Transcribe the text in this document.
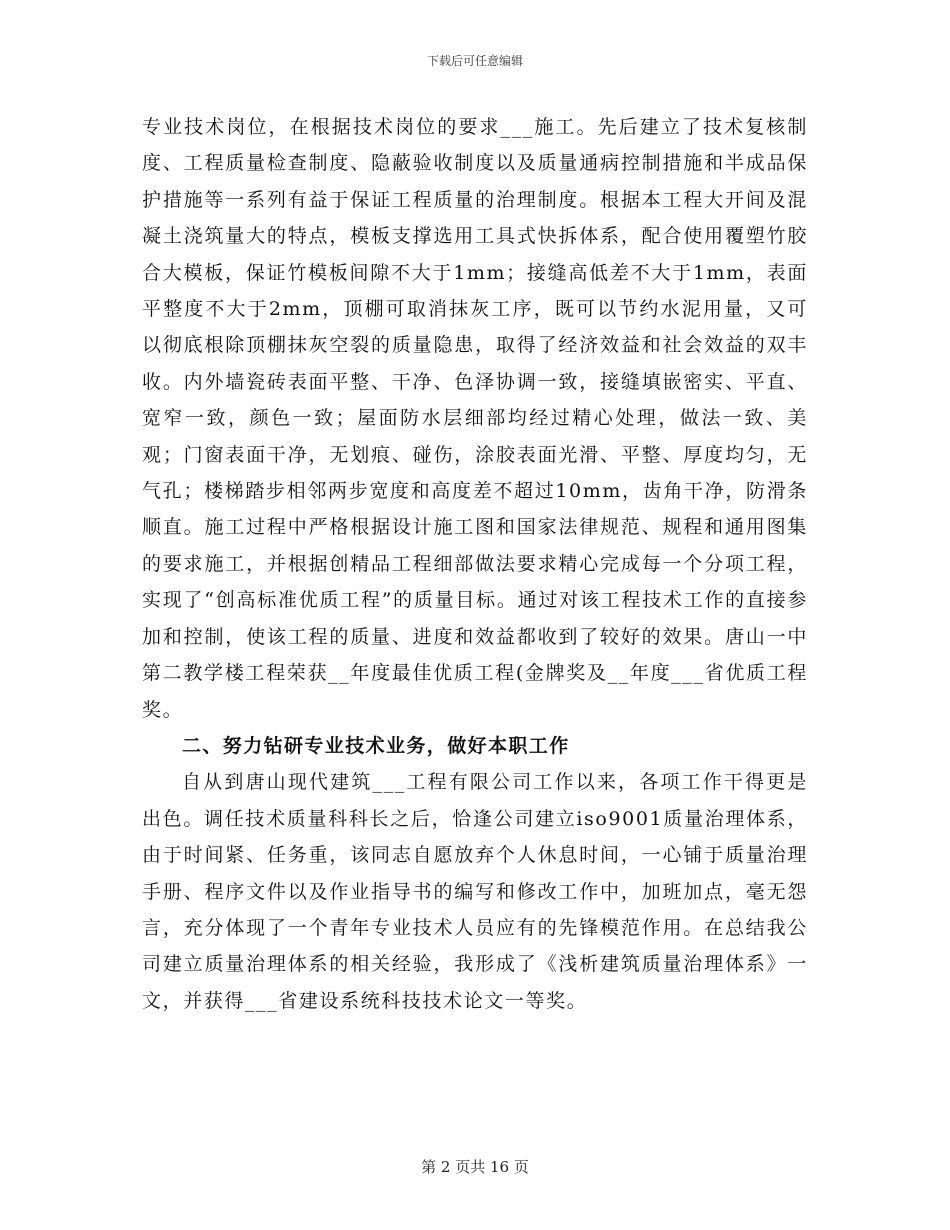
下载后可任意编辑

专业技术岗位，在根据技术岗位的要求___施工。先后建立了技术复核制度、工程质量检查制度、隐蔽验收制度以及质量通病控制措施和半成品保护措施等一系列有益于保证工程质量的治理制度。根据本工程大开间及混凝土浇筑量大的特点，模板支撑选用工具式快拆体系，配合使用覆塑竹胶合大模板，保证竹模板间隙不大于1mm；接缝高低差不大于1mm，表面平整度不大于2mm，顶棚可取消抹灰工序，既可以节约水泥用量，又可以彻底根除顶棚抹灰空裂的质量隐患，取得了经济效益和社会效益的双丰收。内外墙瓷砖表面平整、干净、色泽协调一致，接缝填嵌密实、平直、宽窄一致，颜色一致；屋面防水层细部均经过精心处理，做法一致、美观；门窗表面干净，无划痕、碰伤，涂胶表面光滑、平整、厚度均匀，无气孔；楼梯踏步相邻两步宽度和高度差不超过10mm，齿角干净，防滑条顺直。施工过程中严格根据设计施工图和国家法律规范、规程和通用图集的要求施工，并根据创精品工程细部做法要求精心完成每一个分项工程，实现了“创高标准优质工程”的质量目标。通过对该工程技术工作的直接参加和控制，使该工程的质量、进度和效益都收到了较好的效果。唐山一中第二教学楼工程荣获__年度最佳优质工程(金牌奖及__年度___省优质工程奖。

二、努力钻研专业技术业务，做好本职工作

自从到唐山现代建筑___工程有限公司工作以来，各项工作干得更是出色。调任技术质量科科长之后，恰逢公司建立iso9001质量治理体系，由于时间紧、任务重，该同志自愿放弃个人休息时间，一心铺于质量治理手册、程序文件以及作业指导书的编写和修改工作中，加班加点，毫无怨言，充分体现了一个青年专业技术人员应有的先锋模范作用。在总结我公司建立质量治理体系的相关经验，我形成了《浅析建筑质量治理体系》一文，并获得___省建设系统科技技术论文一等奖。

第 2 页共 16 页
